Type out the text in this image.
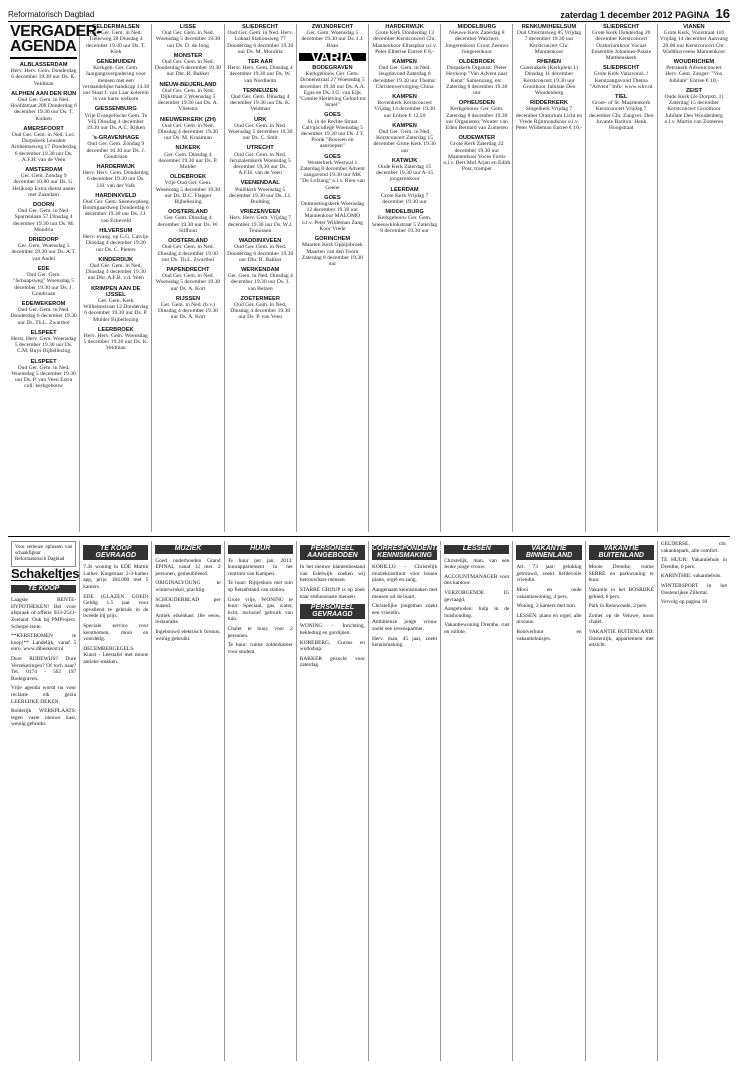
Reformatorisch Dagblad	zaterdag 1 december 2012 PAGINA 16
VERGADER-AGENDA
ALBLASSERDAM
Herv. Herv. Gem. Donderdag 6 december 19.30 uur Ds. K. Veldman
ALPHEN AAN DEN RIJN
Oud Ger. Gem. in Ned. Hoofdstraat 200 Donderdag 6 december 19.30 uur Ds. T. Kuiken
AMERSFOORT
Oud Ger. Gem. in Ned. Loc. Dorpskerk Leusden Arnhemseweg 17 Donderdag 6 december 19.30 uur Ds. A.F.H. van de Veen
AMSTERDAM
Ger. Gem. Zondag 9 december 10.00 uur Ds. G. Heijkoop Extra dienst aanm met Zaandam
DOORN
Oud Ger. Gem. in Ned. Sparrenlaan 57 Dinsdag 4 december 19.30 uur Ds. M. Mondria
DRIEDORP
Ger. Gem. Woensdag 5 december 19.30 uur Ds. A.T. van Andel
EDE
Oud Ger. Gem. "Schaapsweg" Woensdag 5 december 19.30 uur Ds. J. Goudriaan
EDE/WEKEROM
Oud Ger. Gem. in Ned. Donderdag 6 december 19.30 uur Ds. Th.L. Zwartbol
ELSPEET
Herst. Herv. Gem. Woensdag 5 december 19.30 uur Ds. C.M. Buys Bijbellezing
ELSPEET
Oud Ger. Gem. in Ned. Woensdag 5 december 19.30 uur Ds. P. van Veen Extra coll. kerkgebouw
GELDERMALSEN
Oud Ger. Gem. in Ned. Tielerweg 38 Dinsdag 4 december 19.30 uur Ds. T. Klok
GENEMUIDEN
Kerkgeb. Ger. Gem. Jaargangsvergadering voor mensen met een verstandelijke handicap 14.30 uur Staat J. van Laar kolerein is van harte welkom
GIESSENBURG
Vrije Evangelische Gem. Te Vlij Dinsdag 4 december 19.30 uur Ds. A.C. Rijken
's-GRAVENHAGE
Oud Ger. Gem. Zondag 9 december 10.30 uur Ds. J. Goudriaan
HARDERWIJK
Herv. Herv. Gem. Donderdag 6 december 19.30 uur Ds. J.H. van der Valk
HARDINXVELD
Oud Ger. Gem. Sneeuwploeg Boomgaardweg Donderdag 6 december 19.30 uur Ds. J.J. van Eckeveld
HILVERSUM
Herv. evang. op G.G. Calvijn Dinsdag 4 december 19.30 uur Ds. C. Pieters
KINDERDIJK
Oud Ger. Gem. in Ned. Dinsdag 4 december 19.30 uur Dhr. A.F.B. v.d. Veen
KRIMPEN AAN DE IJSSEL
Ger. Gem. Kerk Wilhelmstraat 12 Donderdag 6 december 19.30 uur Ds. P. Mulder Bijbellezing
LEERBROEK
Herv. Herv. Gem. Woensdag 5 december 19.30 uur Ds. K. Veldman
LISSE
Oud Ger. Gem. in Ned. Woensdag 5 december 19.30 uur Ds. D. de Jong
MONSTER
Oud Ger. Gem. in Ned. Donderdag 6 december 19.30 uur Dhr. R. Bakker
NIEUW-BEIJERLAND
Oud Ger. Gem. in Ned. Dijkstraat 2 Woensdag 5 december 19.30 uur Ds. A. Vlietstra
NIEUWERKERK (ZH)
Oud Ger. Gem. in Ned. Dinsdag 4 december 19.30 uur Ds. M. Kraaiman
NIJKERK
Ger. Gem. Dinsdag 4 december 19.30 uur Ds. P. Mulder
OLDEBROEK
Vrije Oud Ger. Gem. Woensdag 5 december 19.30 uur Ds. D.C. Flapper Bijbellezing
OOSTERLAND
Ger. Gem. Dinsdag 4 december 19.30 uur Ds. W. Silfhout
OOSTERLAND
Oud Ger. Gem. in Ned. Dinsdag 4 december 19.30 uur Ds. Th.L. Zwartbol
PAPENDRECHT
Oud Ger. Gem. in Ned. Woensdag 5 december 19.30 uur Ds. A. Kort
RIJSSEN
Ger. Gem. in Ned. (b.v.) Dinsdag 4 december 19.30 uur Ds. A. Kort
SLIEDRECHT
Oud Ger. Gem. in Ned. Herv. Lokaal Stationsweg 77 Donderdag 6 december 19.30 uur Ds. M. Mondria
TER AAR
Herst. Herv. Gem. Dinsdag 4 december 19.30 uur Ds. W. van Nordheim
TERNEUZEN
Oud Ger. Gem. Dinsdag 4 december 19.30 uur Ds. K. Veldman
URK
Oud Ger. Gem. in Ned. Woensdag 5 december 19.30 uur Ds. C. Smit
UTRECHT
Oud Ger. Gem. in Ned. Jeruzalemkerk Woensdag 5 december 19.30 uur Ds. A.F.H. van de Veen
VEENENDAAL
Pniëlkerk Woensdag 5 december 19.30 uur Ds. J.J. Budding
VRIEZENVEEN
Herv. Herv. Gem. Vrijdag 7 december 19.30 uur Ds. W.J. Teunissen
WADDINXVEEN
Oud Ger. Gem. in Ned. Donderdag 6 december 19.30 uur Dhr. R. Bakker
WERKENDAM
Ger. Gem. in Ned. Dinsdag 4 december 19.30 uur Ds. J. van Belzen
ZOETERMEER
Oud Ger. Gem. in Ned. Dinsdag 4 december 19.30 uur Ds. P. van Veen
ZWIJNDRECHT
Ger. Gem. Woensdag 5 december 19.30 uur Ds. J.J. Baan
VARIA
BODEGRAVEN
Kerkgebouw Ger. Gem. Dronenstraat 27 Woensdag 5 december 19.30 uur Ds. A.A. Egas en Ds. J.G. van Eijk "Comite Herleving Geloof tot Israel"
GOES
St. in de Rechte Straat Calvijncollege Woensdag 5 december 19.30 uur Ds. J.T. Pronk "Bouwen en aanroepen"
GOES
Westerkerk Westwal 1 Zaterdag 8 december Advent zangavond 19.30 uur MK "De Lofzang" o.l.v. Rien van Geene
GOES
Ontmoetingskerk Woensdag 12 december 19.30 uur Mannenkoor MALOMO o.l.v. Peter Wildeman Zang Koor Vrede
GORINCHEM
Maarten Kerk Oppijnbroek Maarten van den Toorn Zaterdag 8 december 19.30 uur
HARDERWIJK
Grote Kerk Donderdag 13 december Kerstconcert Chr. Mannenkoor Elhasphar o.l.v. Peter Elbertse Entree € 8,-
KAMPEN
Oud Ger. Gem. in Ned. Jeugdavond Zaterdag 8 december 19.30 uur Thema: Christenvervolging China
KAMPEN
Bovenkerk Kerstconcert Vrijdag 14 december 19.30 uur Entree € 12,50
KAMPEN
Oud Ger. Gem. in Ned. Kerstconcert Zaterdag 15 december Grote Kerk 19.30 uur
KATWIJK
Oude Kerk Zaterdag 15 december 19.30 uur A-15 jongerenkoor
LEERDAM
Grote Kerk Vrijdag 7 december 19.30 uur
MIDDELBURG
Kerkgebouw Ger. Gem. Sneeuwklokstraat 5 Zaterdag 8 december 19.30 uur
MIDDELBURG
Nieuwe Kerk Zaterdag 8 december Walchers Jongerenkoor Groot Zeeuws Jongerenkoor
OLDEBROEK
Dorpskerk Organist: Pieter Heykoop "Van Advent naar Kerst" Samenzang, etc. Zaterdag 8 december 19.30 uur
OPHEUSDEN
Kerkgebouw Ger. Gem. Zaterdag 8 december 19.30 uur Organisten: Wouter van Eden Bernard van Zomeren
OUDEWATER
Grote Kerk Zaterdag 22 december 19.30 uur Mannenkoor Voces Fortis o.l.v. Bert Mol Arjan en Edith Post, trompet
RENKUM/HEELSUM
Oud Utrechtsweg 85 Vrijdag 7 december 19.30 uur Kerstconcert Chr. Mannenkoor
RHENEN
Cunerakerk (Kerkplein 1) Dinsdag 11 december Kerstconcert 19.30 uur Groothoor Jubilate Deo Woudenberg
RIDDERKERK
Singelkerk Vrijdag 7 december Oratorium Licht en Vrede Rijnmondkoor o.l.v. Peter Wildeman Entree € 10,-
SLIEDRECHT
Grote Kerk Donderdag 20 december Kerstconcert Oratoriumkoor Vocaal Ensemble Johannes-Passie Mattheuskerk
SLIEDRECHT
Grote Kerk Vanavond...! Kerstzangavond Thema "Advent" Info: www.wkv.nl
TIEL
Grote- of St. Maartenkerk Kerstconcert Vrijdag 7 december Chr. Zangver. Deo Juvante Bariton: Henk Hoogstraat
VIANEN
Grote Kerk, Voorstraat 110 Vrijdag 14 december Aanvang 20.00 uur Kerstconcert Chr. Waddinxveens Mannenkoor
WOUDRICHEM
Petrakerk Adventconcert Herv. Gem. Zanger: "Vox Jubilate" Entree € 10,-
ZEIST
Oude Kerk (2e Dorpstr. 1) Zaterdag 15 december Kerstconcert Groothoor Jubilate Deo Woudenberg o.l.v. Martin van Zomeren
Voor serieuze oplossen van schaakfiguur
Reformatorisch Dagblad
Schakeltjes
TE KOOP

Laagste RENTE-HYPOTHEKEN! Bel voor afspraak of offerte 033-2541-Zeeland. Ook bij PMProject. Scherpe rente.

**KERSTBOMEN te koop!** Landelijk, vanaf 5 euro. www.dibeskerst.nl

Dure RIJBEWIJS? Dure Verzekeringen? Of toch naar? Tel. 0174 - 563 197 Bodegraven.

Vrije agenda wordt nu voor reclame elk gezin LEERLIJKE DEKEN.

Rolderijk WERKPLAATS: tegen vaste nieuwe kast, weinig gebruikt.

TE KOOP GEVRAAGD

7.4x woning in EDE Martin Luther Kingstraat 2-3-kamer app, prijs: 184.000 met 5 kamers.

EDE (GLAZEN GOED) Geldig 1.5 jaar voor opvallend te gebruik in de tweede bij prijs.

Speciale service voor kerstbomen, mooi en voordelig.

DECEMBERGEGELS. Kunst - Leestafel met mooie antieke stukken.

MUZIEK

Goed onderhouden Grand EPINAL vanaf 12 mei. 2 personen, gemeubileerd.

ORIGINALYOUNG te winterwinkel, prachtig.

SCHOUDERBLAD per maand.

Antiek eikenkast 18e eeuw, restauratie.

Ingebouwd elektrisch fornuis, weinig gebruikt.

HUUR

Te huur per jan. 2013: huurappartement in het centrum van Kampen.

Te huur: Rijtjeshuis met tuin op fietsafstand van station.

Grote vrije, WONING te huur: Speciaal, gas, water, licht, inclusief gebruik van tuin.

Chalet te huur, voor 2 personen.

Te huur: ruime zolderkamer voor student.

PERSONEEL AANGEBODEN

In het nieuwe klantenbestand van Edelwijk zoeken wij betrouwbare mensen.

STARRE GROUP is op zoek naar enthousiaste mensen.

PERSONEEL GEVRAAGD

WONING - Inrichting, bekleding en gordijnen.

KOREBERG, Cursus en workshop.

BAKKER gezocht voor zaterdag.

CORRESPONDENTIE KENNISMAKING

KORILLO - Christelijk muziekinstituut voor lessen piano, orgel en zang.

Aangenaam kennismaken met mensen uit de buurt.

Christelijke jongeman zoekt een vriendin.

Ambitieuze jonge vrouw zoekt een levenspartner.

Herv. man, 45 jaar, zoekt kennismaking.

LESSEN

Christelijk, man, van een leuke jonge vrouw.

ACCOUNTMANAGER voor ons kantoor.

VERZORGENDE IG gevraagd.

Aangeboden: hulp in de huishouding.

Vakantiewoning Drenthe, rust en ruimte.

VAKANTIE BINNENLAND

Art. 73 jaar: gelukkig getrouwd, zoekt liefdevolle vriendin.

Mooi en oude vakantiewoning, 4 pers.

Woning, 2 kamers met tuin.

LESSEN: piano en orgel, alle niveaus.

Bootverhuur en vakantiehuisjes.

VAKANTIE BUITENLAND

Mooie Drenthe, ruime SERRE en parkwoning te huur.

Vakantie in het BOSRIJKE gebied, 6 pers.

Park in Renswoude, 2 pers.

Zomer op de Veluwe, mooi chalet.

VAKANTIE BUITENLAND: Oostenrijk, appartement met uitzicht.

GELDERSE, chr. vakantiepark, alle comfort.

TE HUUR: Vakantiehuis in Drenthe, 6 pers.

KARINTHIE: vakantiehuis.

WINTERSPORT in het Oostenrijkse Zillertal.

Vervolg op pagina 18
